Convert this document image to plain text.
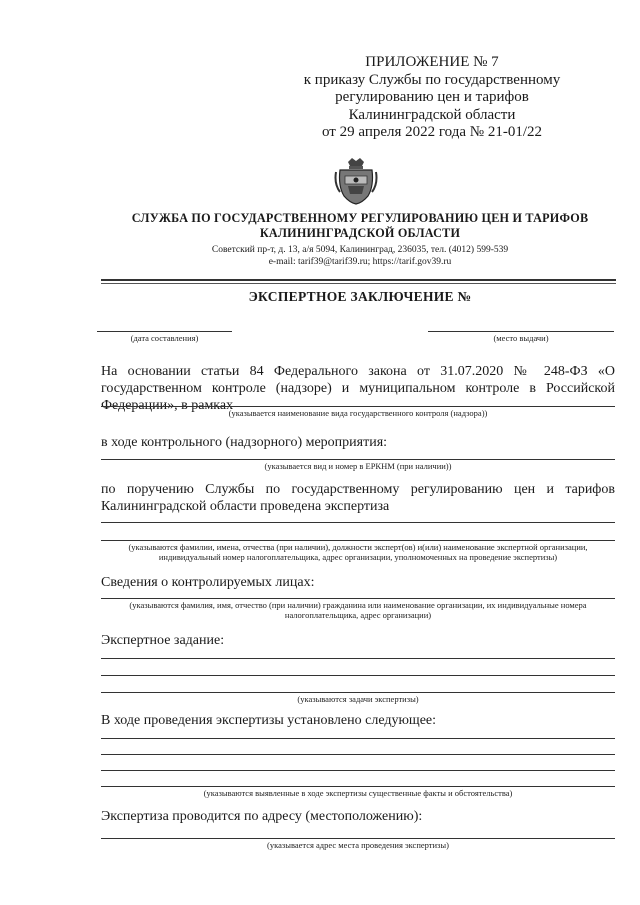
ПРИЛОЖЕНИЕ № 7
к приказу Службы по государственному
регулированию цен и тарифов
Калининградской области
от 29 апреля 2022 года № 21-01/22
СЛУЖБА ПО ГОСУДАРСТВЕННОМУ РЕГУЛИРОВАНИЮ ЦЕН И ТАРИФОВ
КАЛИНИНГРАДСКОЙ ОБЛАСТИ
Советский пр-т, д. 13, а/я 5094, Калининград, 236035, тел. (4012) 599-539
e-mail: tarif39@tarif39.ru; https://tarif.gov39.ru
ЭКСПЕРТНОЕ ЗАКЛЮЧЕНИЕ №
(дата составления)	(место выдачи)
На основании статьи 84 Федерального закона от 31.07.2020 № 248-ФЗ «О государственном контроле (надзоре) и муниципальном контроле в Российской Федерации», в рамках
(указывается наименование вида государственного контроля (надзора))
в ходе контрольного (надзорного) мероприятия:
(указывается вид и номер в ЕРКНМ (при наличии))
по поручению Службы по государственному регулированию цен и тарифов
Калининградской области проведена экспертиза
(указываются фамилии, имена, отчества (при наличии), должности эксперт(ов) и(или) наименование экспертной организации,
индивидуальный номер налогоплательщика, адрес организации, уполномоченных на проведение экспертизы)
Сведения о контролируемых лицах:
(указываются фамилия, имя, отчество (при наличии) гражданина или наименование организации, их индивидуальные номера
налогоплательщика, адрес организации)
Экспертное задание:
(указываются задачи экспертизы)
В ходе проведения экспертизы установлено следующее:
(указываются выявленные в ходе экспертизы существенные факты и обстоятельства)
Экспертиза проводится по адресу (местоположению):
(указывается адрес места проведения экспертизы)
